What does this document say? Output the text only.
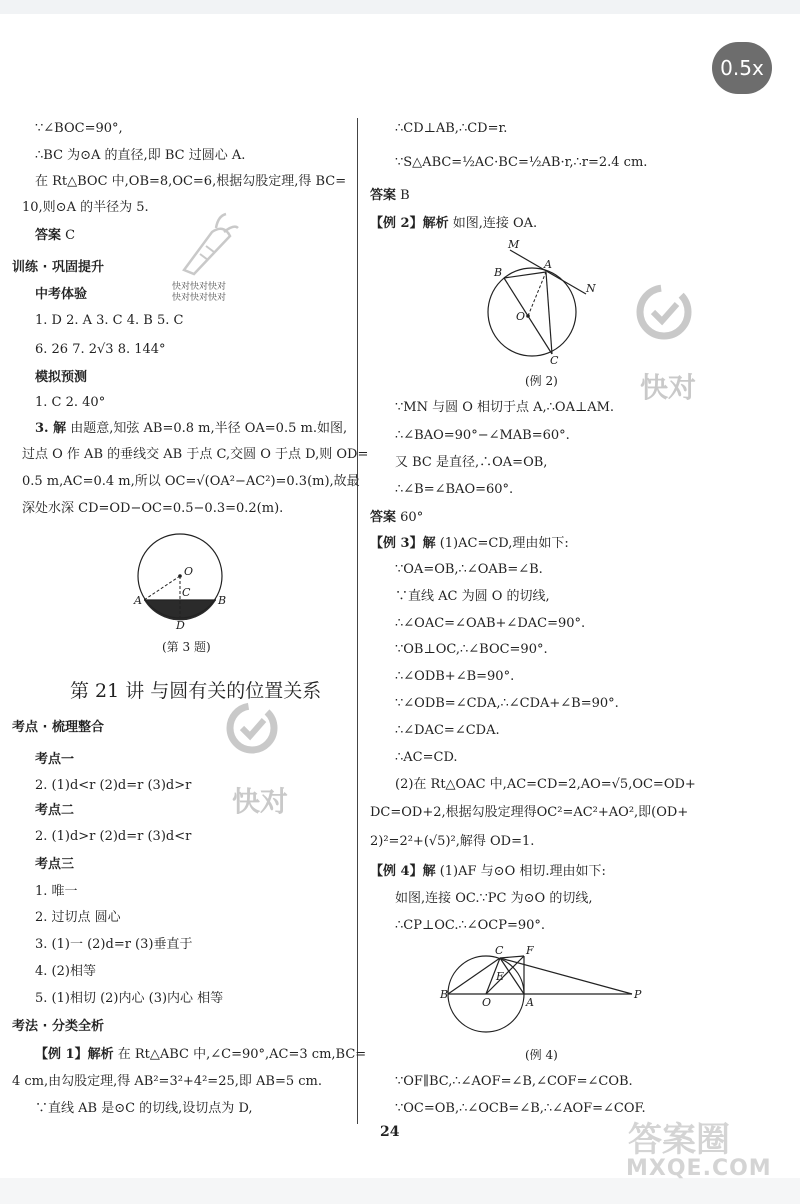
0.5x
∵∠BOC=90°,
∴BC 为⊙A 的直径,即 BC 过圆心 A.
在 Rt△BOC 中,OB=8,OC=6,根据勾股定理,得 BC=
10,则⊙A 的半径为 5.
答案 C
训练 · 巩固提升
中考体验
1. D 2. A 3. C 4. B 5. C
6. 26 7. 2√3 8. 144°
模拟预测
1. C 2. 40°
3. 解 由题意,知弦 AB=0.8 m,半径 OA=0.5 m.如图,
过点 O 作 AB 的垂线交 AB 于点 C,交圆 O 于点 D,则 OD=
0.5 m,AC=0.4 m,所以 OC=√(OA²−AC²)=0.3(m),故最
深处水深 CD=OD−OC=0.5−0.3=0.2(m).
O
C
A	B
D
(第 3 题)
第 21 讲 与圆有关的位置关系
考点 · 梳理整合
考点一
2. (1)d<r (2)d=r (3)d>r
考点二
2. (1)d>r (2)d=r (3)d<r
考点三
1. 唯一
2. 过切点 圆心
3. (1)一 (2)d=r (3)垂直于
4. (2)相等
5. (1)相切 (2)内心 (3)内心 相等
考法 · 分类全析
【例 1】解析 在 Rt△ABC 中,∠C=90°,AC=3 cm,BC=
4 cm,由勾股定理,得 AB²=3²+4²=25,即 AB=5 cm.
∵直线 AB 是⊙C 的切线,设切点为 D,
快对快对快对
快对快对快对
快对
快对
答案圈
MXQE.COM
∴CD⊥AB,∴CD=r.
∵S△ABC=½AC·BC=½AB·r,∴r=2.4 cm.
答案 B
【例 2】解析 如图,连接 OA.
M
B
A
N
O
C
(例 2)
∵MN 与圆 O 相切于点 A,∴OA⊥AM.
∴∠BAO=90°−∠MAB=60°.
又 BC 是直径,∴OA=OB,
∴∠B=∠BAO=60°.
答案 60°
【例 3】解 (1)AC=CD,理由如下:
∵OA=OB,∴∠OAB=∠B.
∵直线 AC 为圆 O 的切线,
∴∠OAC=∠OAB+∠DAC=90°.
∵OB⊥OC,∴∠BOC=90°.
∴∠ODB+∠B=90°.
∵∠ODB=∠CDA,∴∠CDA+∠B=90°.
∴∠DAC=∠CDA.
∴AC=CD.
(2)在 Rt△OAC 中,AC=CD=2,AO=√5,OC=OD+
DC=OD+2,根据勾股定理得OC²=AC²+AO²,即(OD+
2)²=2²+(√5)²,解得 OD=1.
【例 4】解 (1)AF 与⊙O 相切.理由如下:
如图,连接 OC.∵PC 为⊙O 的切线,
∴CP⊥OC.∴∠OCP=90°.
C F
E
B
O	A
P
(例 4)
∵OF∥BC,∴∠AOF=∠B,∠COF=∠COB.
∵OC=OB,∴∠OCB=∠B,∴∠AOF=∠COF.
24
